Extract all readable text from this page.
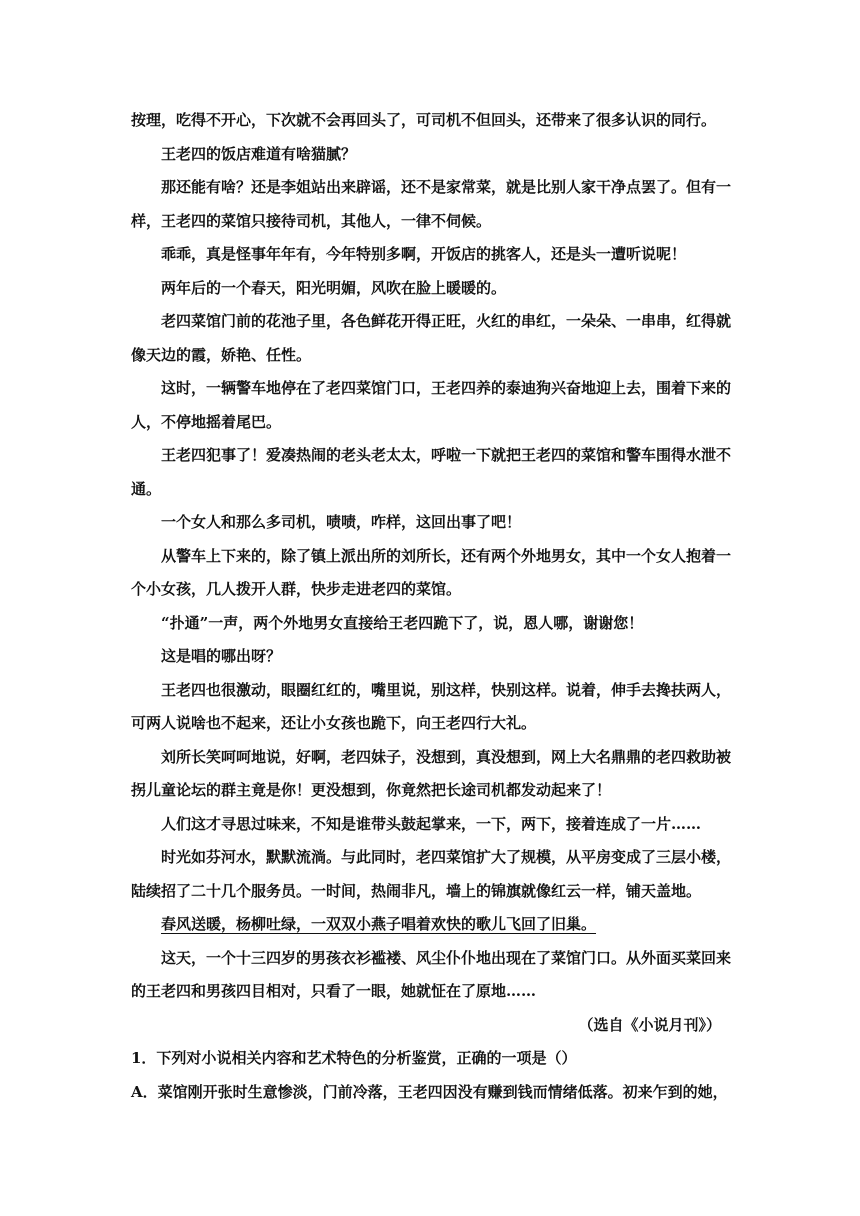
按理，吃得不开心，下次就不会再回头了，可司机不但回头，还带来了很多认识的同行。

王老四的饭店难道有啥猫腻？

那还能有啥？还是李姐站出来辟谣，还不是家常菜，就是比别人家干净点罢了。但有一样，王老四的菜馆只接待司机，其他人，一律不伺候。

乖乖，真是怪事年年有，今年特别多啊，开饭店的挑客人，还是头一遭听说呢！

两年后的一个春天，阳光明媚，风吹在脸上暖暖的。

老四菜馆门前的花池子里，各色鲜花开得正旺，火红的串红，一朵朵、一串串，红得就像天边的霞，娇艳、任性。

这时，一辆警车地停在了老四菜馆门口，王老四养的泰迪狗兴奋地迎上去，围着下来的人，不停地摇着尾巴。

王老四犯事了！爱凑热闹的老头老太太，呼啦一下就把王老四的菜馆和警车围得水泄不通。

一个女人和那么多司机，啧啧，咋样，这回出事了吧！

从警车上下来的，除了镇上派出所的刘所长，还有两个外地男女，其中一个女人抱着一个小女孩，几人拨开人群，快步走进老四的菜馆。

“扑通”一声，两个外地男女直接给王老四跪下了，说，恩人哪，谢谢您！

这是唱的哪出呀？

王老四也很激动，眼圈红红的，嘴里说，别这样，快别这样。说着，伸手去搀扶两人，可两人说啥也不起来，还让小女孩也跪下，向王老四行大礼。

刘所长笑呵呵地说，好啊，老四妹子，没想到，真没想到，网上大名鼎鼎的老四救助被拐儿童论坛的群主竟是你！更没想到，你竟然把长途司机都发动起来了！

人们这才寻思过味来，不知是谁带头鼓起掌来，一下，两下，接着连成了一片……

时光如芬河水，默默流淌。与此同时，老四菜馆扩大了规模，从平房变成了三层小楼，陆续招了二十几个服务员。一时间，热闹非凡，墙上的锦旗就像红云一样，铺天盖地。

春风送暖，杨柳吐绿，一双双小燕子唱着欢快的歌儿飞回了旧巢。

这天，一个十三四岁的男孩衣衫褴褛、风尘仆仆地出现在了菜馆门口。从外面买菜回来的王老四和男孩四目相对，只看了一眼，她就怔在了原地……

（选自《小说月刊》）

1．下列对小说相关内容和艺术特色的分析鉴赏，正确的一项是（）

A．菜馆刚开张时生意惨淡，门前冷落，王老四因没有赚到钱而情绪低落。初来乍到的她，
